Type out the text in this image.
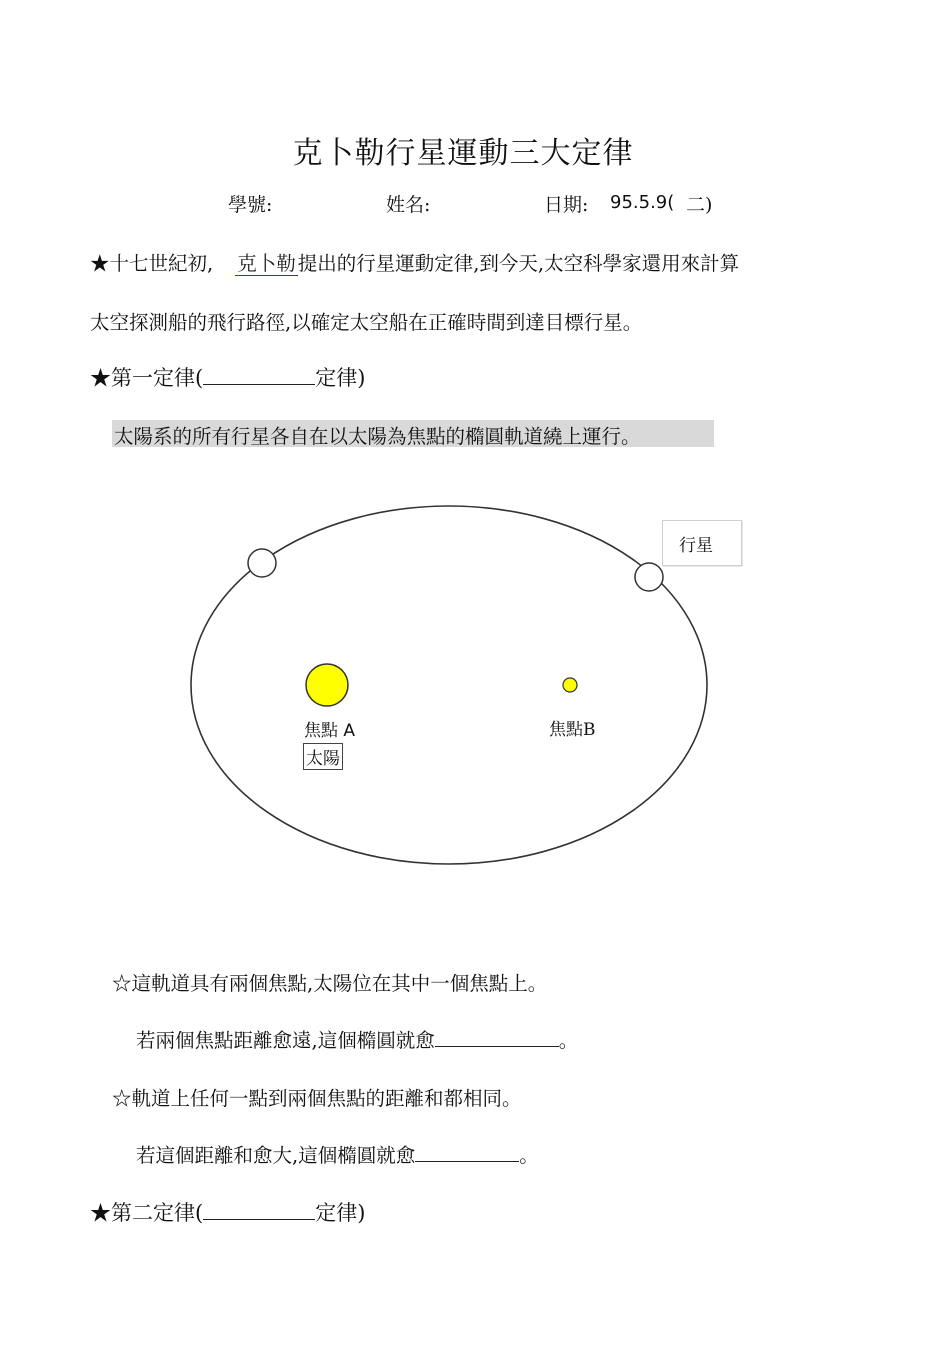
克卜勒行星運動三大定律
學號:	姓名:	日期: 95.5.9( 二)
★十七世紀初, 克卜勒 提出的行星運動定律,到今天,太空科學家還用來計算
太空探測船的飛行路徑,以確定太空船在正確時間到達目標行星。
★第一定律(	定律)
太陽系的所有行星各自在以太陽為焦點的橢圓軌道繞上運行。
行星
焦點 A
太陽
焦點B
☆這軌道具有兩個焦點,太陽位在其中一個焦點上。
若兩個焦點距離愈遠,這個橢圓就愈	。
☆軌道上任何一點到兩個焦點的距離和都相同。
若這個距離和愈大,這個橢圓就愈	。
★第二定律(	定律)
